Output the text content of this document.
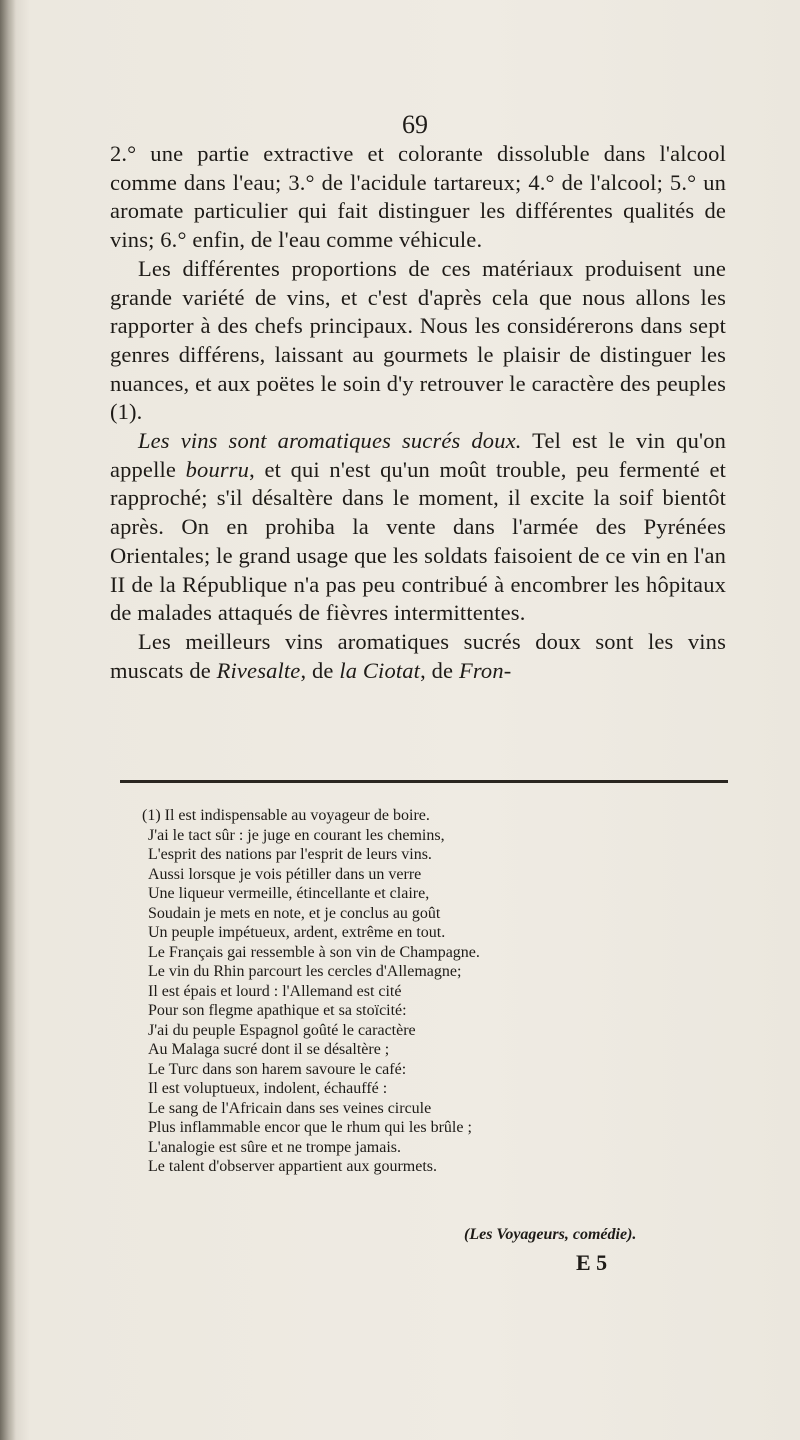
69

2.° une partie extractive et colorante dissoluble dans l'alcool comme dans l'eau; 3.° de l'acidule tartareux; 4.° de l'alcool; 5.° un aromate particulier qui fait distinguer les différentes qualités de vins; 6.° enfin, de l'eau comme véhicule.

Les différentes proportions de ces matériaux produisent une grande variété de vins, et c'est d'après cela que nous allons les rapporter à des chefs principaux. Nous les considérerons dans sept genres différens, laissant au gourmets le plaisir de distinguer les nuances, et aux poëtes le soin d'y retrouver le caractère des peuples (1).

Les vins sont aromatiques sucrés doux. Tel est le vin qu'on appelle bourru, et qui n'est qu'un moût trouble, peu fermenté et rapproché; s'il désaltère dans le moment, il excite la soif bientôt après. On en prohiba la vente dans l'armée des Pyrénées Orientales; le grand usage que les soldats faisoient de ce vin en l'an II de la République n'a pas peu contribué à encombrer les hôpitaux de malades attaqués de fièvres intermittentes.

Les meilleurs vins aromatiques sucrés doux sont les vins muscats de Rivesalte, de la Ciotat, de Fron-

(1) Il est indispensable au voyageur de boire.
J'ai le tact sûr : je juge en courant les chemins,
L'esprit des nations par l'esprit de leurs vins.
Aussi lorsque je vois pétiller dans un verre
Une liqueur vermeille, étincellante et claire,
Soudain je mets en note, et je conclus au goût
Un peuple impétueux, ardent, extrême en tout.
Le Français gai ressemble à son vin de Champagne.
Le vin du Rhin parcourt les cercles d'Allemagne;
Il est épais et lourd : l'Allemand est cité
Pour son flegme apathique et sa stoïcité:
J'ai du peuple Espagnol goûté le caractère
Au Malaga sucré dont il se désaltère ;
Le Turc dans son harem savoure le café:
Il est voluptueux, indolent, échauffé :
Le sang de l'Africain dans ses veines circule
Plus inflammable encor que le rhum qui les brûle ;
L'analogie est sûre et ne trompe jamais.
Le talent d'observer appartient aux gourmets.
(Les Voyageurs, comédie).
E 5
